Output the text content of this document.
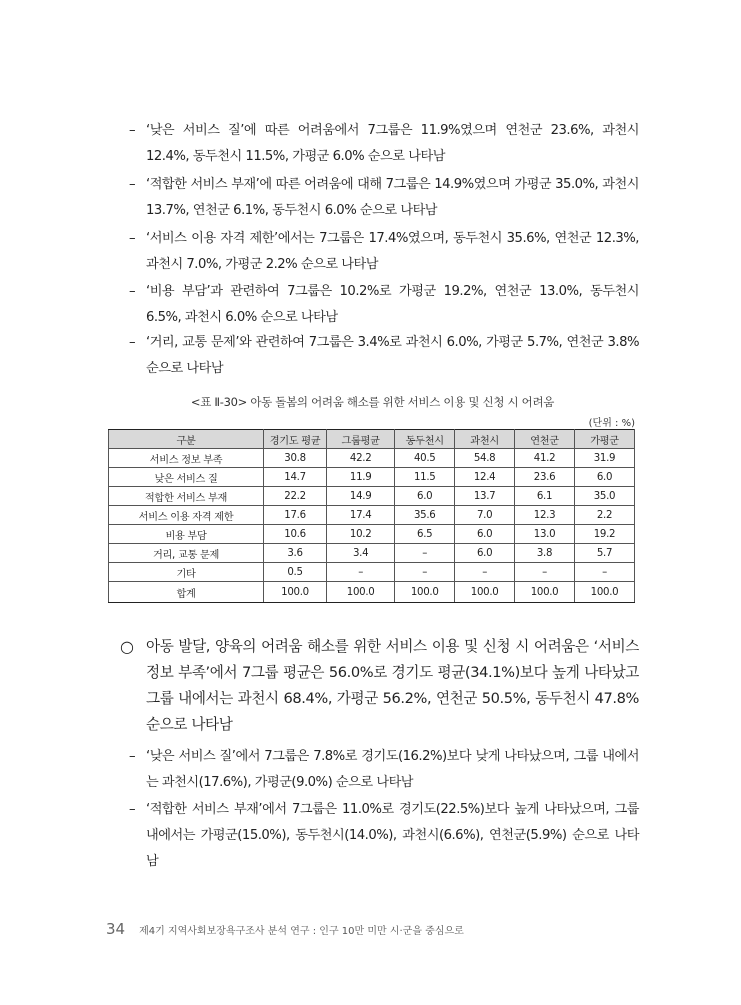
– ‘낮은 서비스 질’에 따른 어려움에서 7그룹은 11.9%였으며 연천군 23.6%, 과천시 12.4%, 동두천시 11.5%, 가평군 6.0% 순으로 나타남
– ‘적합한 서비스 부재’에 따른 어려움에 대해 7그룹은 14.9%였으며 가평군 35.0%, 과천시 13.7%, 연천군 6.1%, 동두천시 6.0% 순으로 나타남
– ‘서비스 이용 자격 제한’에서는 7그룹은 17.4%였으며, 동두천시 35.6%, 연천군 12.3%, 과천시 7.0%, 가평군 2.2% 순으로 나타남
– ‘비용 부담’과 관련하여 7그룹은 10.2%로 가평군 19.2%, 연천군 13.0%, 동두천시 6.5%, 과천시 6.0% 순으로 나타남
– ‘거리, 교통 문제’와 관련하여 7그룹은 3.4%로 과천시 6.0%, 가평군 5.7%, 연천군 3.8% 순으로 나타남
<표 Ⅱ-30> 아동 돌봄의 어려움 해소를 위한 서비스 이용 및 신청 시 어려움
(단위 : %)
구분	경기도 평균	그룹평균	동두천시	과천시	연천군	가평군
서비스 정보 부족	30.8	42.2	40.5	54.8	41.2	31.9
낮은 서비스 질	14.7	11.9	11.5	12.4	23.6	6.0
적합한 서비스 부재	22.2	14.9	6.0	13.7	6.1	35.0
서비스 이용 자격 제한	17.6	17.4	35.6	7.0	12.3	2.2
비용 부담	10.6	10.2	6.5	6.0	13.0	19.2
거리, 교통 문제	3.6	3.4	–	6.0	3.8	5.7
기타	0.5	–	–	–	–	–
합계	100.0	100.0	100.0	100.0	100.0	100.0
○ 아동 발달, 양육의 어려움 해소를 위한 서비스 이용 및 신청 시 어려움은 ‘서비스 정보 부족’에서 7그룹 평균은 56.0%로 경기도 평균(34.1%)보다 높게 나타났고 그룹 내에서는 과천시 68.4%, 가평군 56.2%, 연천군 50.5%, 동두천시 47.8% 순으로 나타남
– ‘낮은 서비스 질’에서 7그룹은 7.8%로 경기도(16.2%)보다 낮게 나타났으며, 그룹 내에서는 과천시(17.6%), 가평군(9.0%) 순으로 나타남
– ‘적합한 서비스 부재’에서 7그룹은 11.0%로 경기도(22.5%)보다 높게 나타났으며, 그룹 내에서는 가평군(15.0%), 동두천시(14.0%), 과천시(6.6%), 연천군(5.9%) 순으로 나타남
34 제4기 지역사회보장욕구조사 분석 연구 : 인구 10만 미만 시·군을 중심으로
